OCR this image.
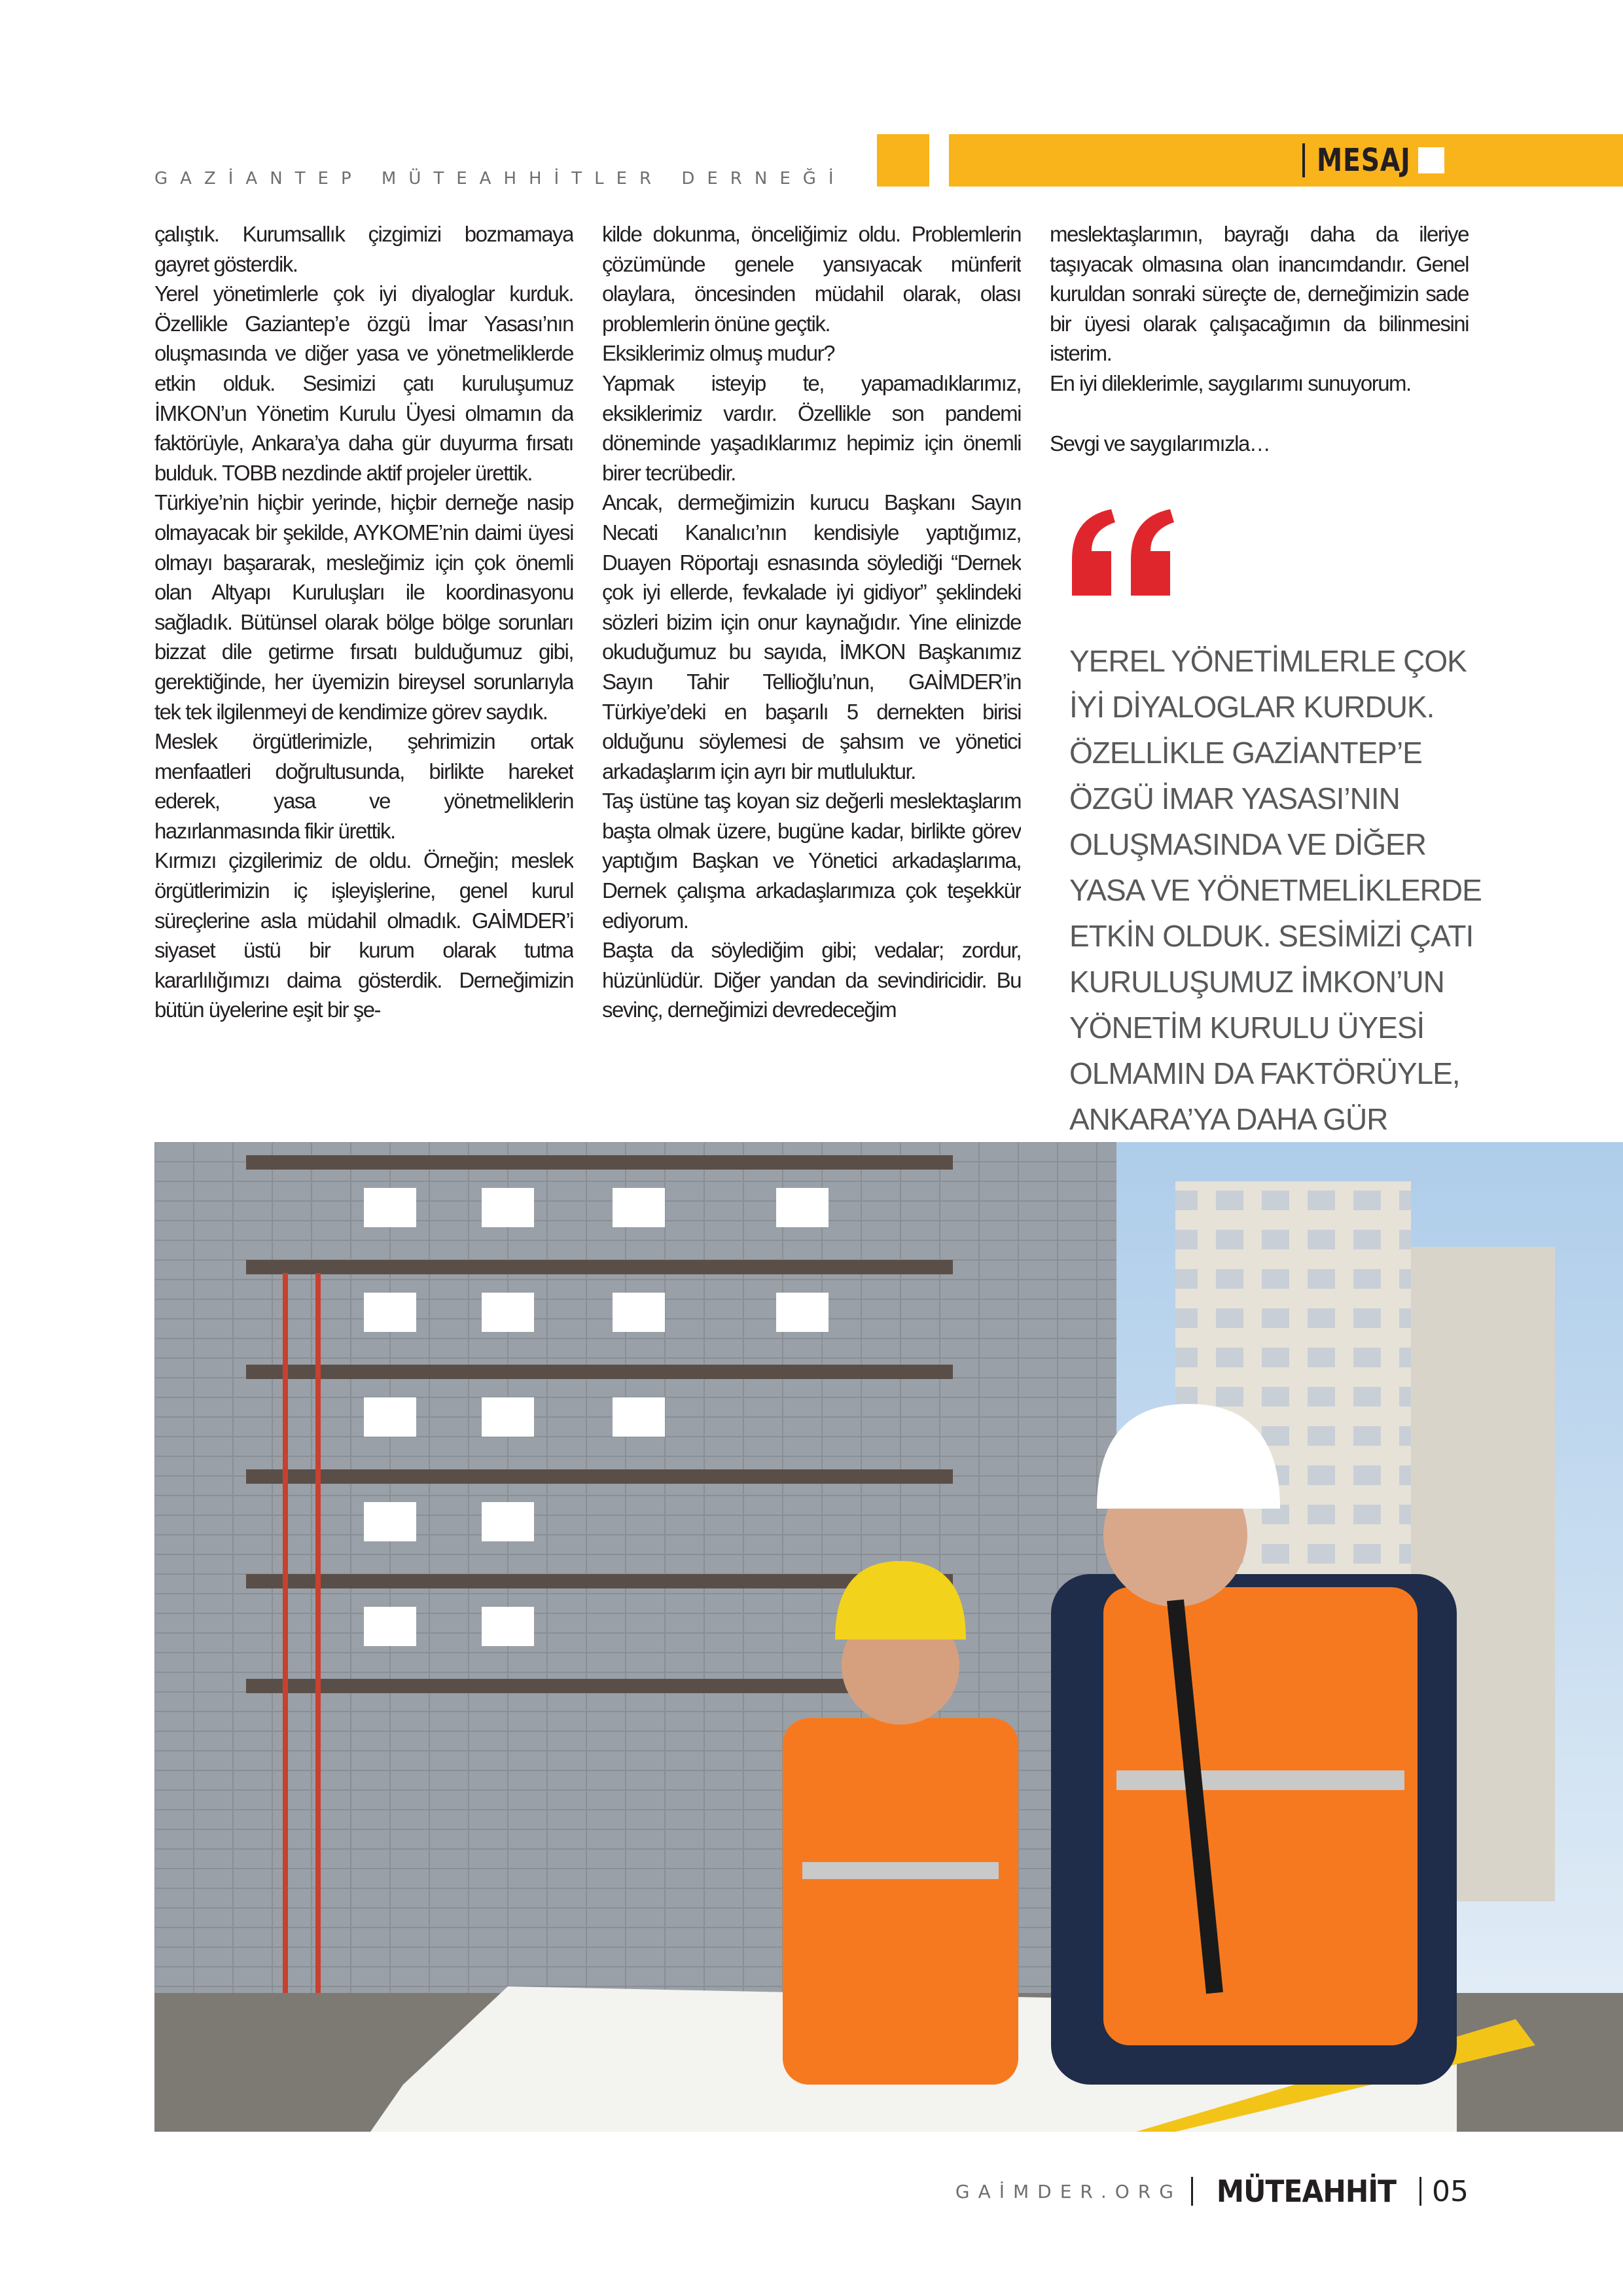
GAZİANTEP MÜTEAHHİTLER DERNEĞİ	MESAJ

çalıştık. Kurumsallık çizgimizi bozmamaya gayret gösterdik.

Yerel yönetimlerle çok iyi diyaloglar kurduk. Özellikle Gaziantep’e özgü İmar Yasası’nın oluşmasında ve diğer yasa ve yönetmeliklerde etkin olduk. Sesimizi çatı kuruluşumuz İMKON’un Yönetim Kurulu Üyesi olmamın da faktörüyle, Ankara’ya daha gür duyurma fırsatı bulduk. TOBB nezdinde aktif projeler ürettik.

Türkiye’nin hiçbir yerinde, hiçbir derneğe nasip olmayacak bir şekilde, AYKOME’nin daimi üyesi olmayı başararak, mesleğimiz için çok önemli olan Altyapı Kuruluşları ile koordinasyonu sağladık. Bütünsel olarak bölge bölge sorunları bizzat dile getirme fırsatı bulduğumuz gibi, gerektiğinde, her üyemizin bireysel sorunlarıyla tek tek ilgilenmeyi de kendimize görev saydık.

Meslek örgütlerimizle, şehrimizin ortak menfaatleri doğrultusunda, birlikte hareket ederek, yasa ve yönetmeliklerin hazırlanmasında fikir ürettik.

Kırmızı çizgilerimiz de oldu. Örneğin; meslek örgütlerimizin iç işleyişlerine, genel kurul süreçlerine asla müdahil olmadık. GAİMDER’i siyaset üstü bir kurum olarak tutma kararlılığımızı daima gösterdik. Derneğimizin bütün üyelerine eşit bir şe-

kilde dokunma, önceliğimiz oldu. Problemlerin çözümünde genele yansıyacak münferit olaylara, öncesinden müdahil olarak, olası problemlerin önüne geçtik.

Eksiklerimiz olmuş mudur?

Yapmak isteyip te, yapamadıklarımız, eksiklerimiz vardır. Özellikle son pandemi döneminde yaşadıklarımız hepimiz için önemli birer tecrübedir.

Ancak, dermeğimizin kurucu Başkanı Sayın Necati Kanalıcı’nın kendisiyle yaptığımız, Duayen Röportajı esnasında söylediği “Dernek çok iyi ellerde, fevkalade iyi gidiyor” şeklindeki sözleri bizim için onur kaynağıdır. Yine elinizde okuduğumuz bu sayıda, İMKON Başkanımız Sayın Tahir Tellioğlu’nun, GAİMDER’in Türkiye’deki en başarılı 5 dernekten birisi olduğunu söylemesi de şahsım ve yönetici arkadaşlarım için ayrı bir mutluluktur.

Taş üstüne taş koyan siz değerli meslektaşlarım başta olmak üzere, bugüne kadar, birlikte görev yaptığım Başkan ve Yönetici arkadaşlarıma, Dernek çalışma arkadaşlarımıza çok teşekkür ediyorum.

Başta da söylediğim gibi; vedalar; zordur, hüzünlüdür. Diğer yandan da sevindiricidir. Bu sevinç, derneğimizi devredeceğim

meslektaşlarımın, bayrağı daha da ileriye taşıyacak olmasına olan inancımdandır. Genel kuruldan sonraki süreçte de, derneğimizin sade bir üyesi olarak çalışacağımın da bilinmesini isterim.

En iyi dileklerimle, saygılarımı sunuyorum.

Sevgi ve saygılarımızla…

YEREL YÖNETİMLERLE ÇOK İYİ DİYALOGLAR KURDUK. ÖZELLİKLE GAZİANTEP’E ÖZGÜ İMAR YASASI’NIN OLUŞMASINDA VE DİĞER YASA VE YÖNETMELİKLERDE ETKİN OLDUK. SESİMİZİ ÇATI KURULUŞUMUZ İMKON’UN YÖNETİM KURULU ÜYESİ OLMAMIN DA FAKTÖRÜYLE, ANKARA’YA DAHA GÜR

GAİMDER.ORG MÜTEAHHİT 05
